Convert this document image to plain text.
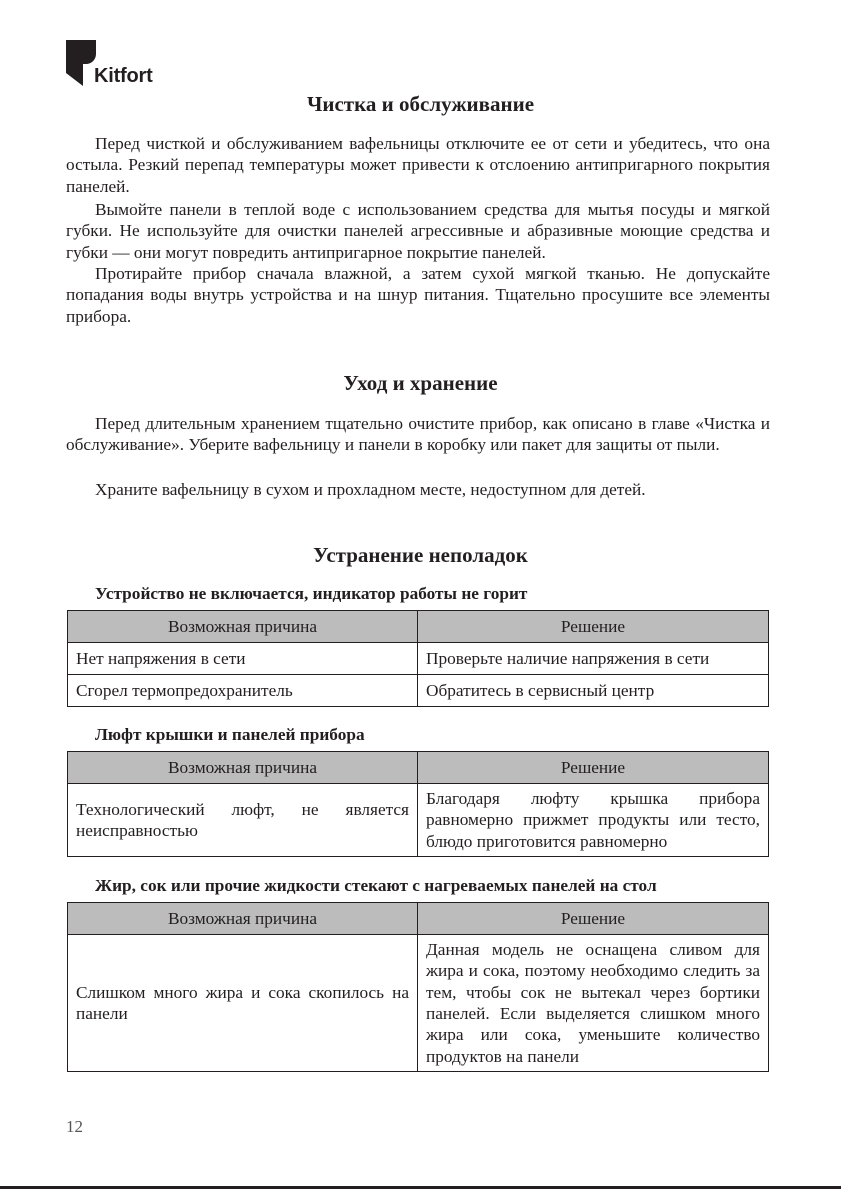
Kitfort
Чистка и обслуживание

Перед чисткой и обслуживанием вафельницы отключите ее от сети и убедитесь, что она остыла. Резкий перепад температуры может привести к отслоению антипригарного покрытия панелей.

Вымойте панели в теплой воде с использованием средства для мытья посуды и мягкой губки. Не используйте для очистки панелей агрессивные и абразивные моющие средства и губки — они могут повредить антипригарное покрытие панелей.

Протирайте прибор сначала влажной, а затем сухой мягкой тканью. Не допускайте попадания воды внутрь устройства и на шнур питания. Тщательно просушите все элементы прибора.

Уход и хранение

Перед длительным хранением тщательно очистите прибор, как описано в главе «Чистка и обслуживание». Уберите вафельницу и панели в коробку или пакет для защиты от пыли.

Храните вафельницу в сухом и прохладном месте, недоступном для детей.

Устранение неполадок

Устройство не включается, индикатор работы не горит

Возможная причина	Решение
Нет напряжения в сети	Проверьте наличие напряжения в сети
Сгорел термопредохранитель	Обратитесь в сервисный центр

Люфт крышки и панелей прибора

Возможная причина	Решение
Технологический люфт, не является неисправностью	Благодаря люфту крышка прибора равномерно прижмет продукты или тесто, блюдо приготовится равномерно

Жир, сок или прочие жидкости стекают с нагреваемых панелей на стол

Возможная причина	Решение
Слишком много жира и сока скопилось на панели	Данная модель не оснащена сливом для жира и сока, поэтому необходимо следить за тем, чтобы сок не вытекал через бортики панелей. Если выделяется слишком много жира или сока, уменьшите количество продуктов на панели
12
